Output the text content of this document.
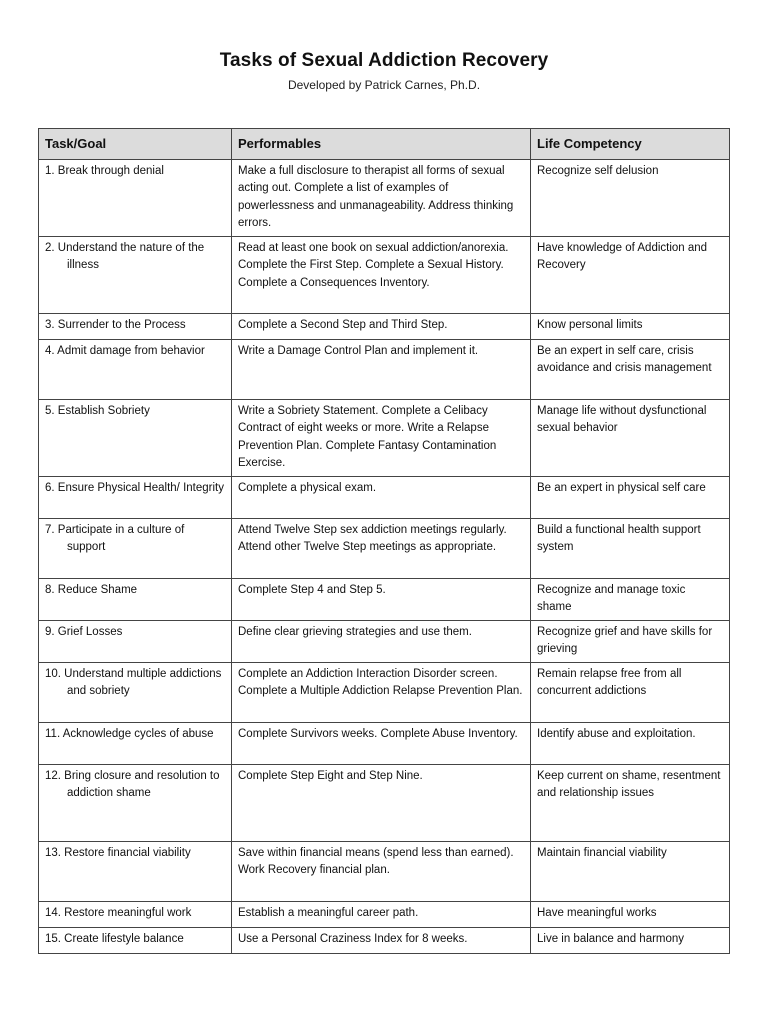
Tasks of Sexual Addiction Recovery
Developed by Patrick Carnes, Ph.D.
Task/Goal	Performables	Life Competency

1. Break through denial	Make a full disclosure to therapist all forms of sexual acting out. Complete a list of examples of powerlessness and unmanageability. Address thinking errors.	Recognize self delusion

2. Understand the nature of the illness	Read at least one book on sexual addiction/anorexia. Complete the First Step. Complete a Sexual History. Complete a Consequences Inventory.	Have knowledge of Addiction and Recovery

3. Surrender to the Process	Complete a Second Step and Third Step.	Know personal limits

4. Admit damage from behavior	Write a Damage Control Plan and implement it.	Be an expert in self care, crisis avoidance and crisis management

5. Establish Sobriety	Write a Sobriety Statement. Complete a Celibacy Contract of eight weeks or more. Write a Relapse Prevention Plan. Complete Fantasy Contamination Exercise.	Manage life without dysfunctional sexual behavior

6. Ensure Physical Health/ Integrity	Complete a physical exam.	Be an expert in physical self care

7. Participate in a culture of support	Attend Twelve Step sex addiction meetings regularly. Attend other Twelve Step meetings as appropriate.	Build a functional health support system

8. Reduce Shame	Complete Step 4 and Step 5.	Recognize and manage toxic shame

9. Grief Losses	Define clear grieving strategies and use them.	Recognize grief and have skills for grieving

10. Understand multiple addictions and sobriety	Complete an Addiction Interaction Disorder screen. Complete a Multiple Addiction Relapse Prevention Plan.	Remain relapse free from all concurrent addictions

11. Acknowledge cycles of abuse	Complete Survivors weeks. Complete Abuse Inventory.	Identify abuse and exploitation.

12. Bring closure and resolution to addiction shame	Complete Step Eight and Step Nine.	Keep current on shame, resentment and relationship issues

13. Restore financial viability	Save within financial means (spend less than earned). Work Recovery financial plan.	Maintain financial viability

14. Restore meaningful work	Establish a meaningful career path.	Have meaningful works

15. Create lifestyle balance	Use a Personal Craziness Index for 8 weeks.	Live in balance and harmony
